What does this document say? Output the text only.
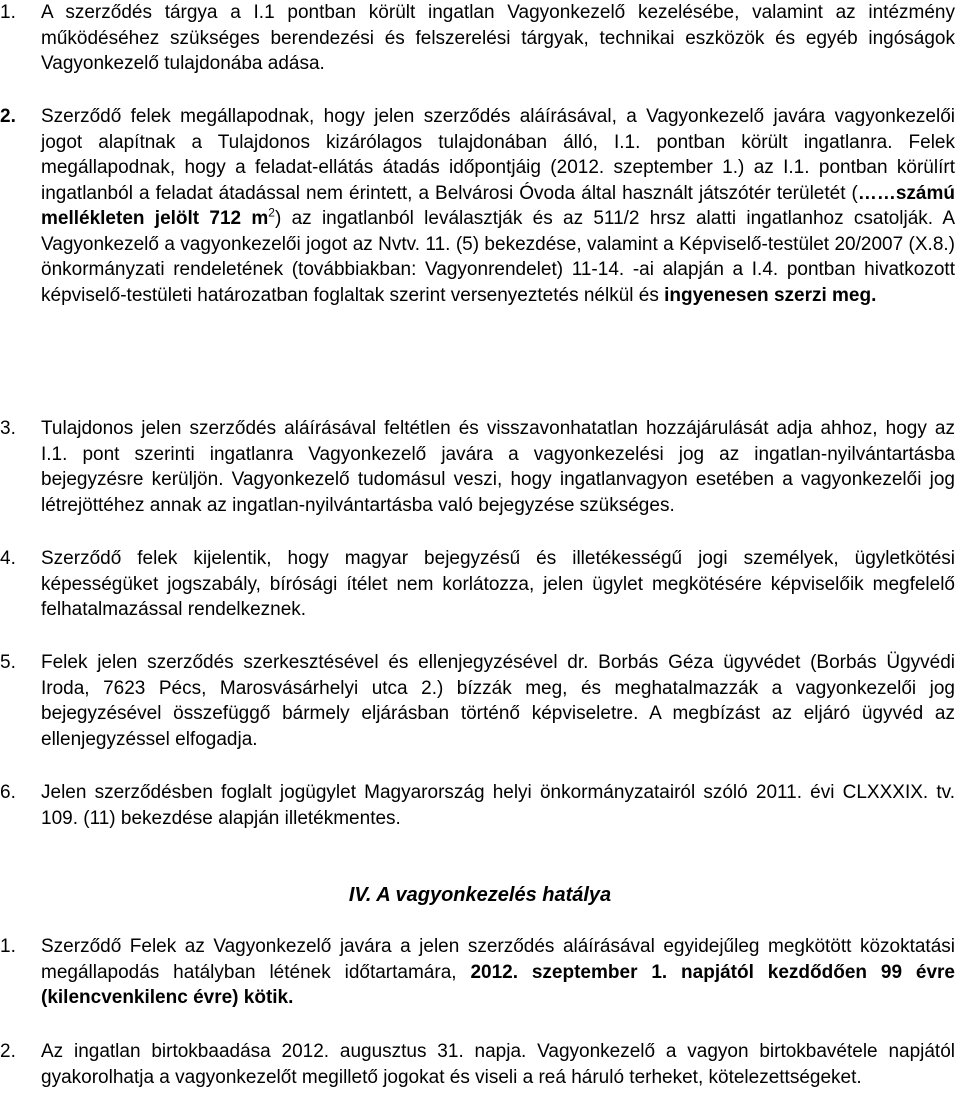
1. A szerződés tárgya a I.1 pontban körült ingatlan Vagyonkezelő kezelésébe, valamint az intézmény működéséhez szükséges berendezési és felszerelési tárgyak, technikai eszközök és egyéb ingóságok Vagyonkezelő tulajdonába adása.
2. Szerződő felek megállapodnak, hogy jelen szerződés aláírásával, a Vagyonkezelő javára vagyonkezelői jogot alapítnak a Tulajdonos kizárólagos tulajdonában álló, I.1. pontban körült ingatlanra. Felek megállapodnak, hogy a feladat-ellátás átadás időpontjáig (2012. szeptember 1.) az I.1. pontban körülírt ingatlanból a feladat átadással nem érintett, a Belvárosi Óvoda által használt játszótér területét (……számú mellékleten jelölt 712 $m^2$) az ingatlanból leválasztják és az 511/2 hrsz alatti ingatlanhoz csatolják. A Vagyonkezelő a vagyonkezelői jogot az Nvtv. 11. (5) bekezdése, valamint a Képviselő-testület 20/2007 (X.8.) önkormányzati rendeletének (továbbiakban: Vagyonrendelet) 11-14. -ai alapján a I.4. pontban hivatkozott képviselő-testületi határozatban foglaltak szerint versenyeztetés nélkül és ingyenesen szerzi meg.
3. Tulajdonos jelen szerződés aláírásával feltétlen és visszavonhatatlan hozzájárulását adja ahhoz, hogy az I.1. pont szerinti ingatlanra Vagyonkezelő javára a vagyonkezelési jog az ingatlan-nyilvántartásba bejegyzésre kerüljön. Vagyonkezelő tudomásul veszi, hogy ingatlanvagyon esetében a vagyonkezelői jog létrejöttéhez annak az ingatlan-nyilvántartásba való bejegyzése szükséges.
4. Szerződő felek kijelentik, hogy magyar bejegyzésű és illetékességű jogi személyek, ügyletkötési képességüket jogszabály, bírósági ítélet nem korlátozza, jelen ügylet megkötésére képviselőik megfelelő felhatalmazással rendelkeznek.
5. Felek jelen szerződés szerkesztésével és ellenjegyzésével dr. Borbás Géza ügyvédet (Borbás Ügyvédi Iroda, 7623 Pécs, Marosvásárhelyi utca 2.) bízzák meg, és meghatalmazzák a vagyonkezelői jog bejegyzésével összefüggő bármely eljárásban történő képviseletre. A megbízást az eljáró ügyvéd az ellenjegyzéssel elfogadja.
6. Jelen szerződésben foglalt jogügylet Magyarország helyi önkormányzatairól szóló 2011. évi CLXXXIX. tv. 109. (11) bekezdése alapján illetékmentes.
IV. A vagyonkezelés hatálya
1. Szerződő Felek az Vagyonkezelő javára a jelen szerződés aláírásával egyidejűleg megkötött közoktatási megállapodás hatályban létének időtartamára, 2012. szeptember 1. napjától kezdődően 99 évre (kilencvenkilenc évre) kötik.
2. Az ingatlan birtokbaadása 2012. augusztus 31. napja. Vagyonkezelő a vagyon birtokbavétele napjától gyakorolhatja a vagyonkezelőt megillető jogokat és viseli a reá háruló terheket, kötelezettségeket.
